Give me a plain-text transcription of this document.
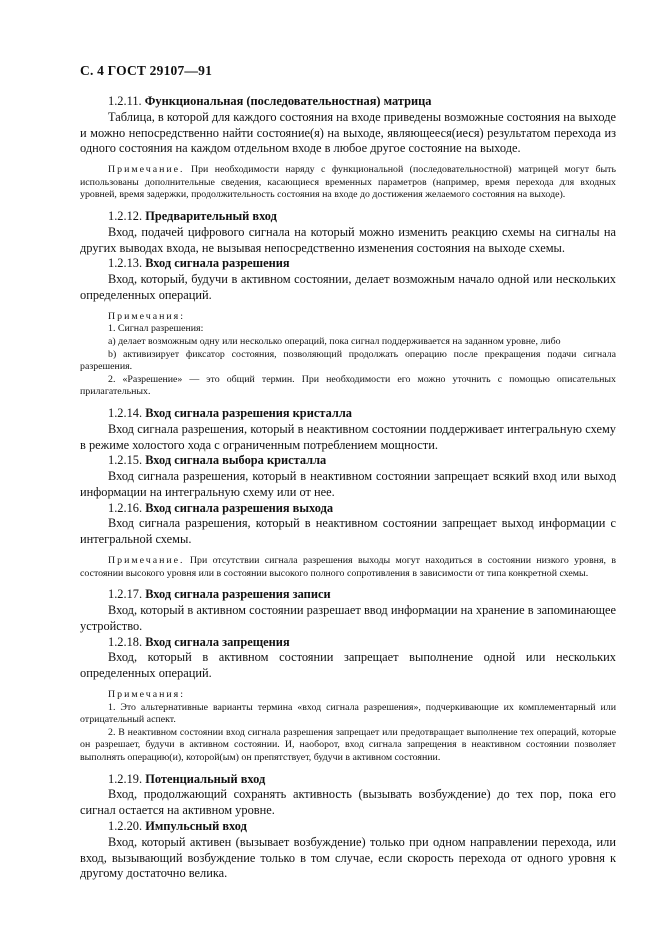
С. 4 ГОСТ 29107—91

1.2.11. Функциональная (последовательностная) матрица

Таблица, в которой для каждого состояния на входе приведены возможные состояния на выходе и можно непосредственно найти состояние(я) на выходе, являющееся(иеся) результатом перехода из одного состояния на каждом отдельном входе в любое другое состояние на выходе.

Примечание. При необходимости наряду с функциональной (последовательностной) матрицей могут быть использованы дополнительные сведения, касающиеся временных параметров (например, время перехода для входных уровней, время задержки, продолжительность состояния на входе до достижения желаемого состояния на выходе).

1.2.12. Предварительный вход

Вход, подачей цифрового сигнала на который можно изменить реакцию схемы на сигналы на других выводах входа, не вызывая непосредственно изменения состояния на выходе схемы.

1.2.13. Вход сигнала разрешения

Вход, который, будучи в активном состоянии, делает возможным начало одной или нескольких определенных операций.

Примечания:

1. Сигнал разрешения:

а) делает возможным одну или несколько операций, пока сигнал поддерживается на заданном уровне, либо

b) активизирует фиксатор состояния, позволяющий продолжать операцию после прекращения подачи сигнала разрешения.

2. «Разрешение» — это общий термин. При необходимости его можно уточнить с помощью описательных прилагательных.

1.2.14. Вход сигнала разрешения кристалла

Вход сигнала разрешения, который в неактивном состоянии поддерживает интегральную схему в режиме холостого хода с ограниченным потреблением мощности.

1.2.15. Вход сигнала выбора кристалла

Вход сигнала разрешения, который в неактивном состоянии запрещает всякий вход или выход информации на интегральную схему или от нее.

1.2.16. Вход сигнала разрешения выхода

Вход сигнала разрешения, который в неактивном состоянии запрещает выход информации с интегральной схемы.

Примечание. При отсутствии сигнала разрешения выходы могут находиться в состоянии низкого уровня, в состоянии высокого уровня или в состоянии высокого полного сопротивления в зависимости от типа конкретной схемы.

1.2.17. Вход сигнала разрешения записи

Вход, который в активном состоянии разрешает ввод информации на хранение в запоминающее устройство.

1.2.18. Вход сигнала запрещения

Вход, который в активном состоянии запрещает выполнение одной или нескольких определенных операций.

Примечания:

1. Это альтернативные варианты термина «вход сигнала разрешения», подчеркивающие их комплементарный или отрицательный аспект.

2. В неактивном состоянии вход сигнала разрешения запрещает или предотвращает выполнение тех операций, которые он разрешает, будучи в активном состоянии. И, наоборот, вход сигнала запрещения в неактивном состоянии позволяет выполнять операцию(и), которой(ым) он препятствует, будучи в активном состоянии.

1.2.19. Потенциальный вход

Вход, продолжающий сохранять активность (вызывать возбуждение) до тех пор, пока его сигнал остается на активном уровне.

1.2.20. Импульсный вход

Вход, который активен (вызывает возбуждение) только при одном направлении перехода, или вход, вызывающий возбуждение только в том случае, если скорость перехода от одного уровня к другому достаточно велика.
